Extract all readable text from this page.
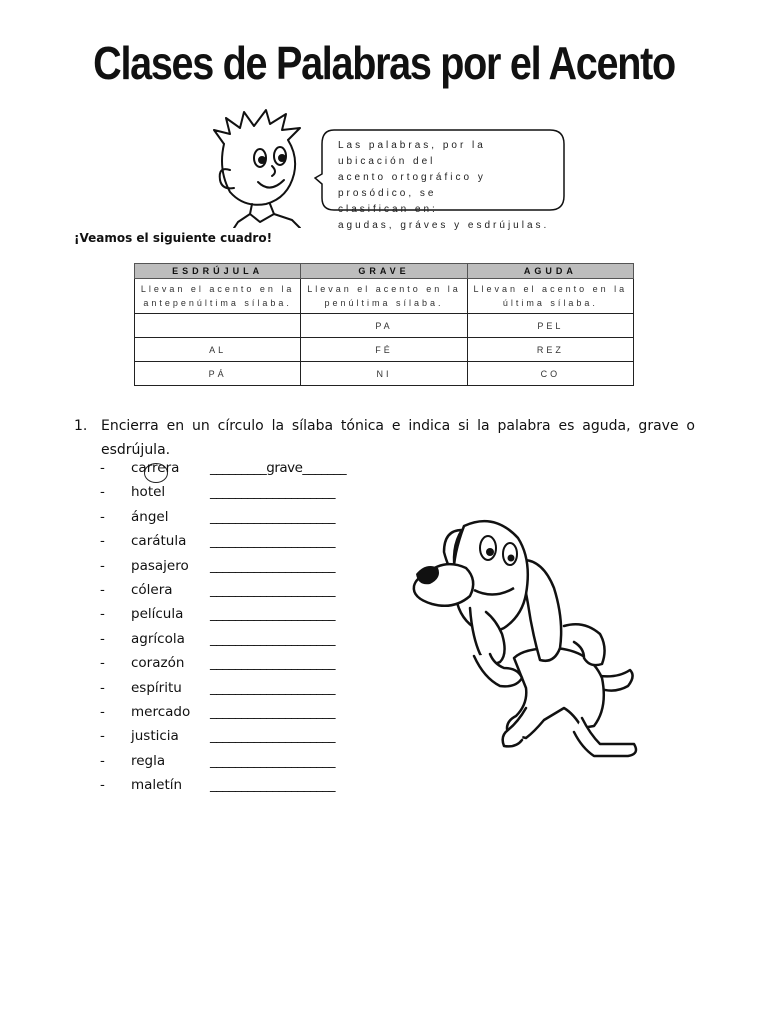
Clases de Palabras por el Acento
Las palabras, por la ubicación del
acento ortográfico y prosódico, se
clasifican en:
agudas, gráves y esdrújulas.
¡Veamos el siguiente cuadro!
ESDRÚJULA	GRAVE	AGUDA
Llevan el acento en la antepenúltima sílaba.	Llevan el acento en la penúltima sílaba.	Llevan el acento en la última sílaba.
	PA	PEL
AL	FÉ	REZ
PÁ	NI	CO
1. Encierra en un círculo la sílaba tónica e indica si la palabra es aguda, grave o esdrújula.
- carrera _________grave_______
- hotel	____________________
- ángel	____________________
- carátula ____________________
- pasajero ____________________
- cólera	____________________
- película ____________________
- agrícola ____________________
- corazón ____________________
- espíritu ____________________
- mercado ____________________
- justicia ____________________
- regla	____________________
- maletín ____________________
